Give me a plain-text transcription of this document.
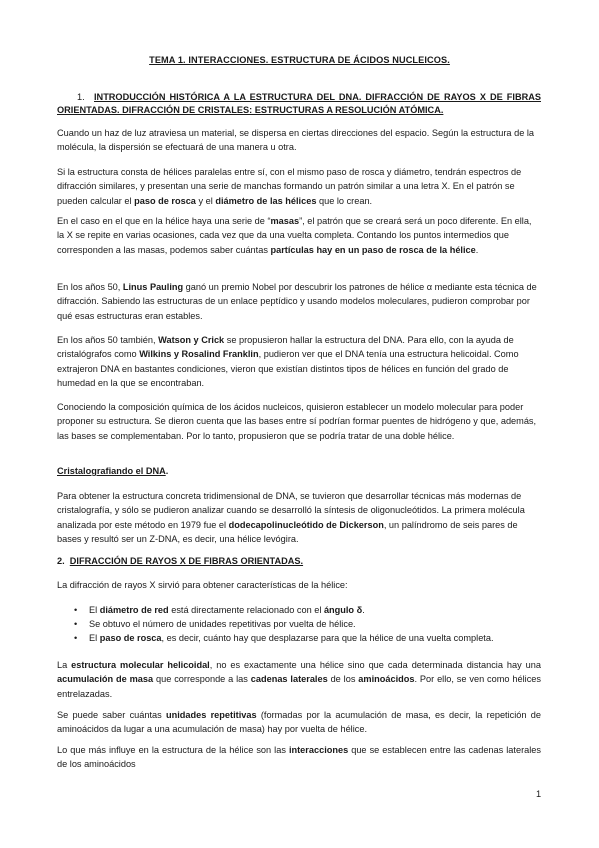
TEMA 1. INTERACCIONES. ESTRUCTURA DE ÁCIDOS NUCLEICOS.
1.	INTRODUCCIÓN HISTÓRICA A LA ESTRUCTURA DEL DNA. DIFRACCIÓN DE RAYOS X DE FIBRAS ORIENTADAS. DIFRACCIÓN DE CRISTALES: ESTRUCTURAS A RESOLUCIÓN ATÓMICA.

Cuando un haz de luz atraviesa un material, se dispersa en ciertas direcciones del espacio. Según la estructura de la molécula, la dispersión se efectuará de una manera u otra.

Si la estructura consta de hélices paralelas entre sí, con el mismo paso de rosca y diámetro, tendrán espectros de difracción similares, y presentan una serie de manchas formando un patrón similar a una letra X. En el patrón se pueden calcular el paso de rosca y el diámetro de las hélices que lo crean.

En el caso en el que en la hélice haya una serie de “masas”, el patrón que se creará será un poco diferente. En ella, la X se repite en varias ocasiones, cada vez que da una vuelta completa. Contando los puntos intermedios que corresponden a las masas, podemos saber cuántas partículas hay en un paso de rosca de la hélice.

En los años 50, Linus Pauling ganó un premio Nobel por descubrir los patrones de hélice α mediante esta técnica de difracción. Sabiendo las estructuras de un enlace peptídico y usando modelos moleculares, pudieron comprobar por qué esas estructuras eran estables.

En los años 50 también, Watson y Crick se propusieron hallar la estructura del DNA. Para ello, con la ayuda de cristalógrafos como Wilkins y Rosalind Franklin, pudieron ver que el DNA tenía una estructura helicoidal. Como extrajeron DNA en bastantes condiciones, vieron que existían distintos tipos de hélices en función del grado de humedad en la que se encontraban.

Conociendo la composición química de los ácidos nucleicos, quisieron establecer un modelo molecular para poder proponer su estructura. Se dieron cuenta que las bases entre sí podrían formar puentes de hidrógeno y que, además, las bases se complementaban. Por lo tanto, propusieron que se podría tratar de una doble hélice.

Cristalografiando el DNA.

Para obtener la estructura concreta tridimensional de DNA, se tuvieron que desarrollar técnicas más modernas de cristalografía, y sólo se pudieron analizar cuando se desarrolló la síntesis de oligonucleótidos. La primera molécula analizada por este método en 1979 fue el dodecapolinucleótido de Dickerson, un palíndromo de seis pares de bases y resultó ser un Z-DNA, es decir, una hélice levógira.

2. DIFRACCIÓN DE RAYOS X DE FIBRAS ORIENTADAS.

La difracción de rayos X sirvió para obtener características de la hélice:

• El diámetro de red está directamente relacionado con el ángulo δ.
• Se obtuvo el número de unidades repetitivas por vuelta de hélice.
• El paso de rosca, es decir, cuánto hay que desplazarse para que la hélice de una vuelta completa.

La estructura molecular helicoidal, no es exactamente una hélice sino que cada determinada distancia hay una acumulación de masa que corresponde a las cadenas laterales de los aminoácidos. Por ello, se ven como hélices entrelazadas.

Se puede saber cuántas unidades repetitivas (formadas por la acumulación de masa, es decir, la repetición de aminoácidos da lugar a una acumulación de masa) hay por vuelta de hélice.

Lo que más influye en la estructura de la hélice son las interacciones que se establecen entre las cadenas laterales de los aminoácidos

1
